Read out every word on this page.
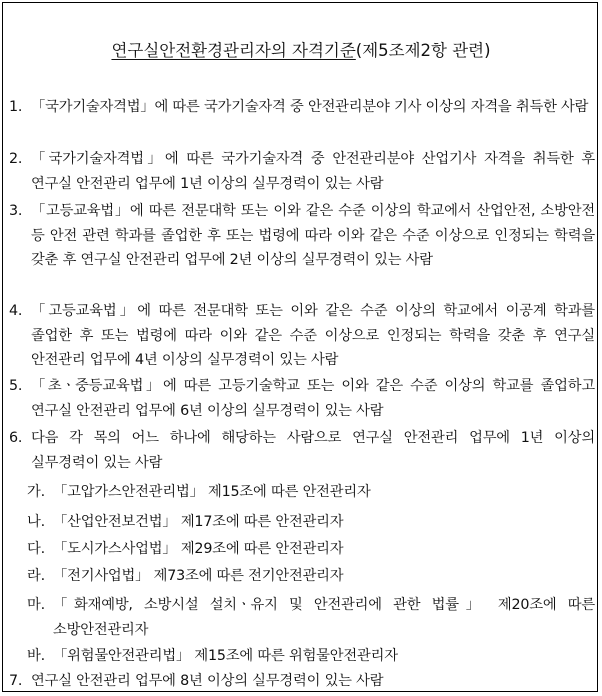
연구실안전환경관리자의 자격기준(제5조제2항 관련)
1. 「국가기술자격법」에 따른 국가기술자격 중 안전관리분야 기사 이상의 자격을 취득한 사람
2. 「국가기술자격법」에 따른 국가기술자격 중 안전관리분야 산업기사 자격을 취득한 후 연구실 안전관리 업무에 1년 이상의 실무경력이 있는 사람
3. 「고등교육법」에 따른 전문대학 또는 이와 같은 수준 이상의 학교에서 산업안전, 소방안전 등 안전 관련 학과를 졸업한 후 또는 법령에 따라 이와 같은 수준 이상으로 인정되는 학력을 갖춘 후 연구실 안전관리 업무에 2년 이상의 실무경력이 있는 사람
4. 「고등교육법」에 따른 전문대학 또는 이와 같은 수준 이상의 학교에서 이공계 학과를 졸업한 후 또는 법령에 따라 이와 같은 수준 이상으로 인정되는 학력을 갖춘 후 연구실 안전관리 업무에 4년 이상의 실무경력이 있는 사람
5. 「초ㆍ중등교육법」에 따른 고등기술학교 또는 이와 같은 수준 이상의 학교를 졸업하고 연구실 안전관리 업무에 6년 이상의 실무경력이 있는 사람
6. 다음 각 목의 어느 하나에 해당하는 사람으로 연구실 안전관리 업무에 1년 이상의 실무경력이 있는 사람
가. 「고압가스안전관리법」 제15조에 따른 안전관리자
나. 「산업안전보건법」 제17조에 따른 안전관리자
다. 「도시가스사업법」 제29조에 따른 안전관리자
라. 「전기사업법」 제73조에 따른 전기안전관리자
마. 「화재예방, 소방시설 설치ㆍ유지 및 안전관리에 관한 법률」 제20조에 따른 소방안전관리자
바. 「위험물안전관리법」 제15조에 따른 위험물안전관리자
7. 연구실 안전관리 업무에 8년 이상의 실무경력이 있는 사람
